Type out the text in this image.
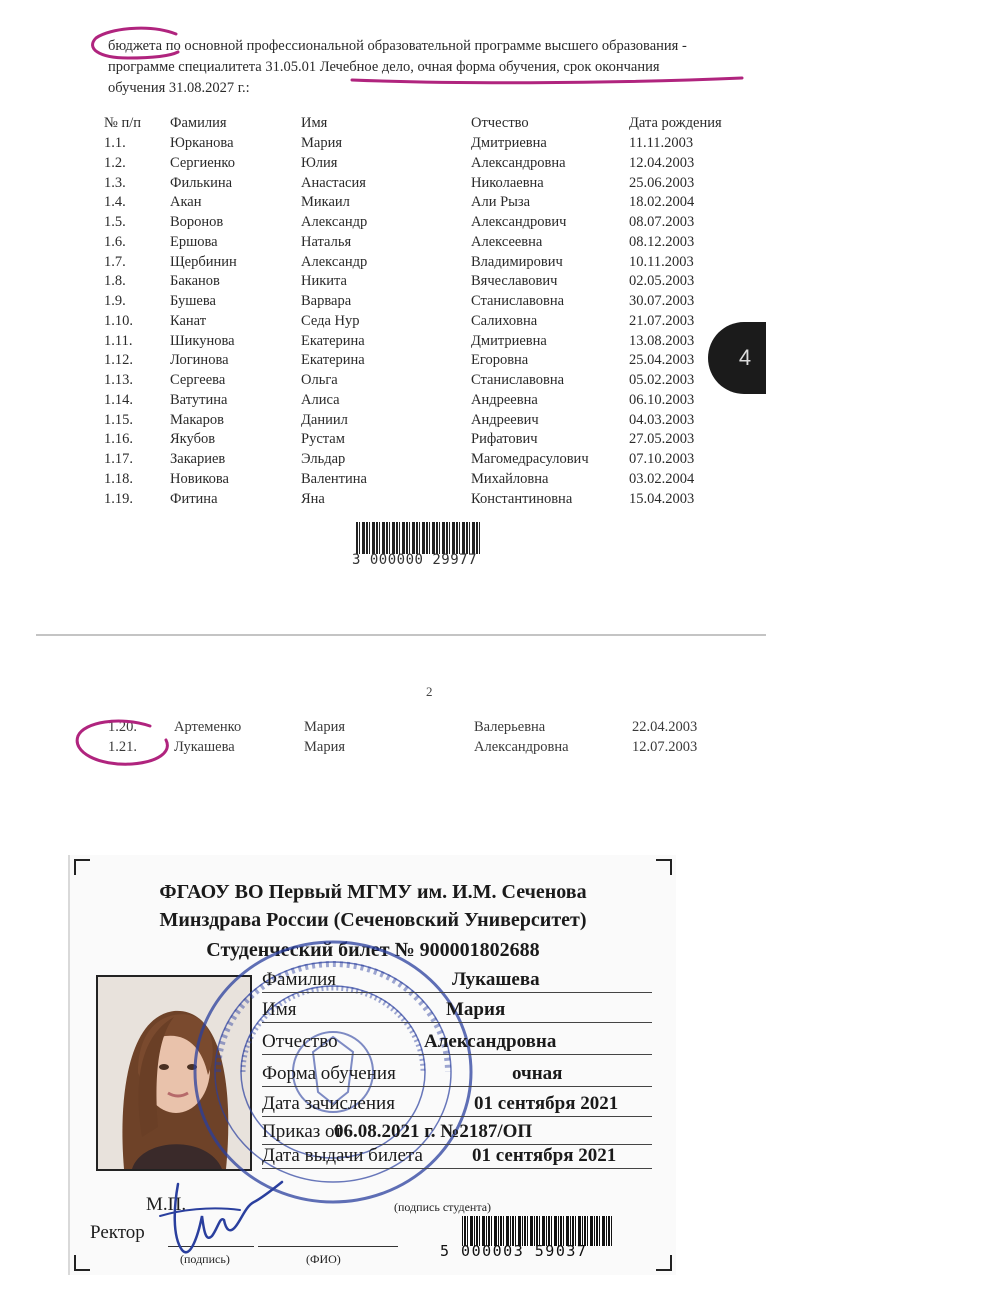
бюджета по основной профессиональной образовательной программе высшего образования -
программе специалитета 31.05.01 Лечебное дело, очная форма обучения, срок окончания
обучения 31.08.2027 г.:
№ п/п	Фамилия	Имя	Отчество	Дата рождения
1.1.	Юрканова	Мария	Дмитриевна	11.11.2003
1.2.	Сергиенко	Юлия	Александровна	12.04.2003
1.3.	Филькина	Анастасия	Николаевна	25.06.2003
1.4.	Акан	Микаил	Али Рыза	18.02.2004
1.5.	Воронов	Александр	Александрович	08.07.2003
1.6.	Ершова	Наталья	Алексеевна	08.12.2003
1.7.	Щербинин	Александр	Владимирович	10.11.2003
1.8.	Баканов	Никита	Вячеславович	02.05.2003
1.9.	Бушева	Варвара	Станиславовна	30.07.2003
1.10.	Канат	Седа Нур	Салиховна	21.07.2003
1.11.	Шикунова	Екатерина	Дмитриевна	13.08.2003
1.12.	Логинова	Екатерина	Егоровна	25.04.2003
1.13.	Сергеева	Ольга	Станиславовна	05.02.2003
1.14.	Ватутина	Алиса	Андреевна	06.10.2003
1.15.	Макаров	Даниил	Андреевич	04.03.2003
1.16.	Якубов	Рустам	Рифатович	27.05.2003
1.17.	Закариев	Эльдар	Магомедрасулович	07.10.2003
1.18.	Новикова	Валентина	Михайловна	03.02.2004
1.19.	Фитина	Яна	Константиновна	15.04.2003
3 000000 29977
4
2
1.20.	Артеменко	Мария	Валерьевна	22.04.2003
1.21.	Лукашева	Мария	Александровна	12.07.2003
ФГАОУ ВО Первый МГМУ им. И.М. Сеченова
Минздрава России (Сеченовский Университет)
Студенческий билет № 900001802688
Фамилия	Лукашева
Имя	Мария
Отчество	Александровна
Форма обучения	очная
Дата зачисления	01 сентября 2021
Приказ от
06.08.2021 г. №2187/ОП
Дата выдачи билета	01 сентября 2021
М.П.
Ректор
(подпись)	(ФИО)
(подпись студента)
5 000003 59037
